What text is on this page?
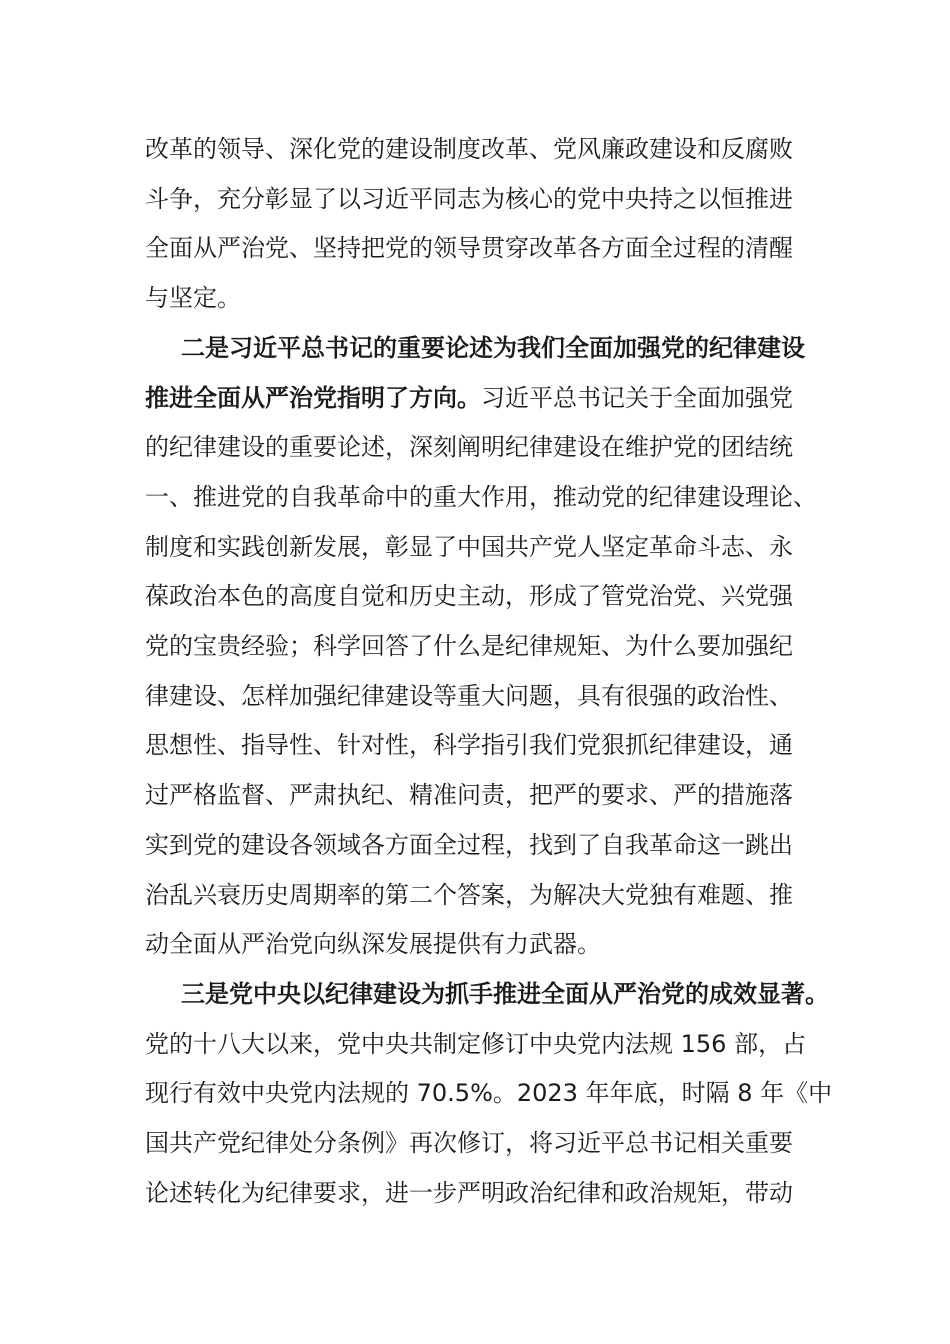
改革的领导、深化党的建设制度改革、党风廉政建设和反腐败
斗争，充分彰显了以习近平同志为核心的党中央持之以恒推进
全面从严治党、坚持把党的领导贯穿改革各方面全过程的清醒
与坚定。

二是习近平总书记的重要论述为我们全面加强党的纪律建设
推进全面从严治党指明了方向。习近平总书记关于全面加强党
的纪律建设的重要论述，深刻阐明纪律建设在维护党的团结统
一、推进党的自我革命中的重大作用，推动党的纪律建设理论、
制度和实践创新发展，彰显了中国共产党人坚定革命斗志、永
葆政治本色的高度自觉和历史主动，形成了管党治党、兴党强
党的宝贵经验；科学回答了什么是纪律规矩、为什么要加强纪
律建设、怎样加强纪律建设等重大问题，具有很强的政治性、
思想性、指导性、针对性，科学指引我们党狠抓纪律建设，通
过严格监督、严肃执纪、精准问责，把严的要求、严的措施落
实到党的建设各领域各方面全过程，找到了自我革命这一跳出
治乱兴衰历史周期率的第二个答案，为解决大党独有难题、推
动全面从严治党向纵深发展提供有力武器。

三是党中央以纪律建设为抓手推进全面从严治党的成效显著。
党的十八大以来，党中央共制定修订中央党内法规 156 部，占
现行有效中央党内法规的 70.5%。2023 年年底，时隔 8 年《中
国共产党纪律处分条例》再次修订，将习近平总书记相关重要
论述转化为纪律要求，进一步严明政治纪律和政治规矩，带动
